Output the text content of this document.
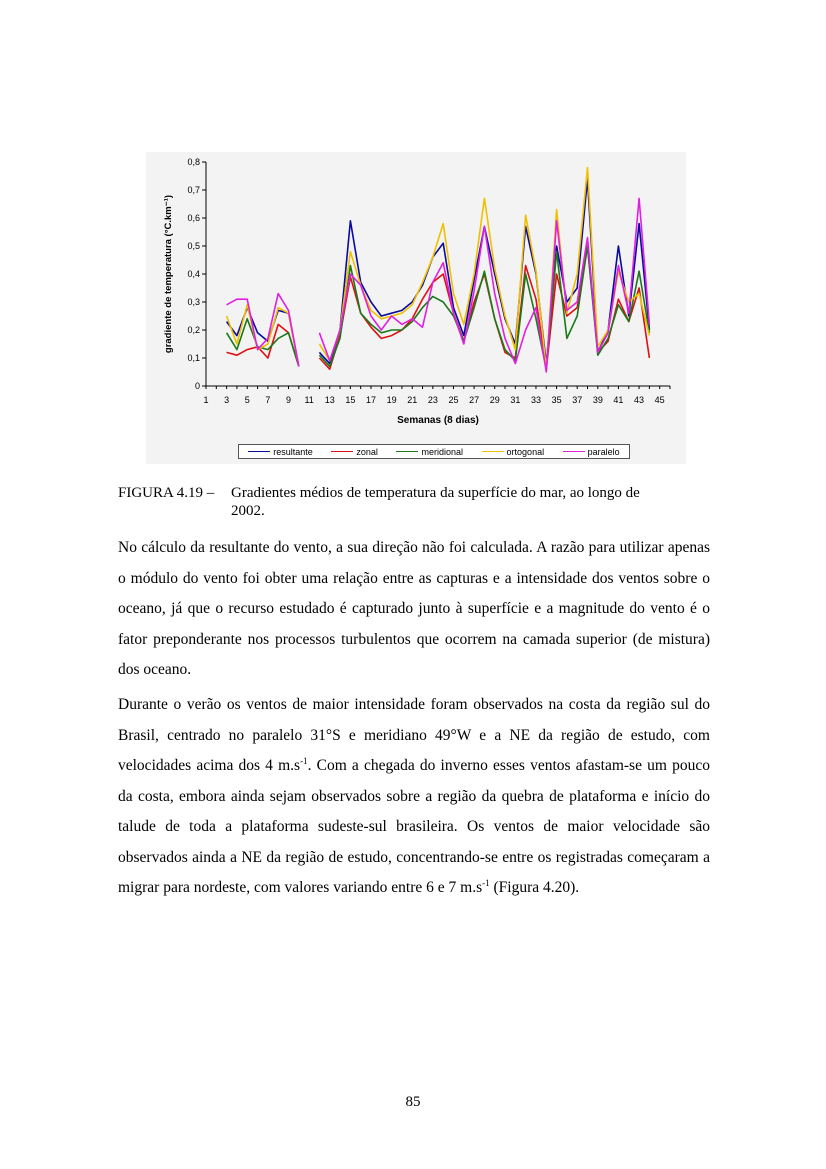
0
0,1
0,2
0,3
0,4
0,5
0,6
0,7
0,8
1 3 5 7 9 11 13 15 17 19 21 23 25 27 29 31 33 35 37 39 41 43 45
Semanas (8 dias)
gradiente de temperatura (°C.km⁻¹)
resultante	zonal	meridional	ortogonal	paralelo
FIGURA 4.19 – Gradientes médios de temperatura da superfície do mar, ao longo de
2002.

No cálculo da resultante do vento, a sua direção não foi calculada. A razão para utilizar apenas o módulo do vento foi obter uma relação entre as capturas e a intensidade dos ventos sobre o oceano, já que o recurso estudado é capturado junto à superfície e a magnitude do vento é o fator preponderante nos processos turbulentos que ocorrem na camada superior (de mistura) dos oceano.

Durante o verão os ventos de maior intensidade foram observados na costa da região sul do Brasil, centrado no paralelo 31°S e meridiano 49°W e a NE da região de estudo, com velocidades acima dos 4 $m.s^{-1}$. Com a chegada do inverno esses ventos afastam-se um pouco da costa, embora ainda sejam observados sobre a região da quebra de plataforma e início do talude de toda a plataforma sudeste-sul brasileira. Os ventos de maior velocidade são observados ainda a NE da região de estudo, concentrando-se entre os registradas começaram a migrar para nordeste, com valores variando entre 6 e 7 $m.s^{-1}$ (Figura 4.20).

85
